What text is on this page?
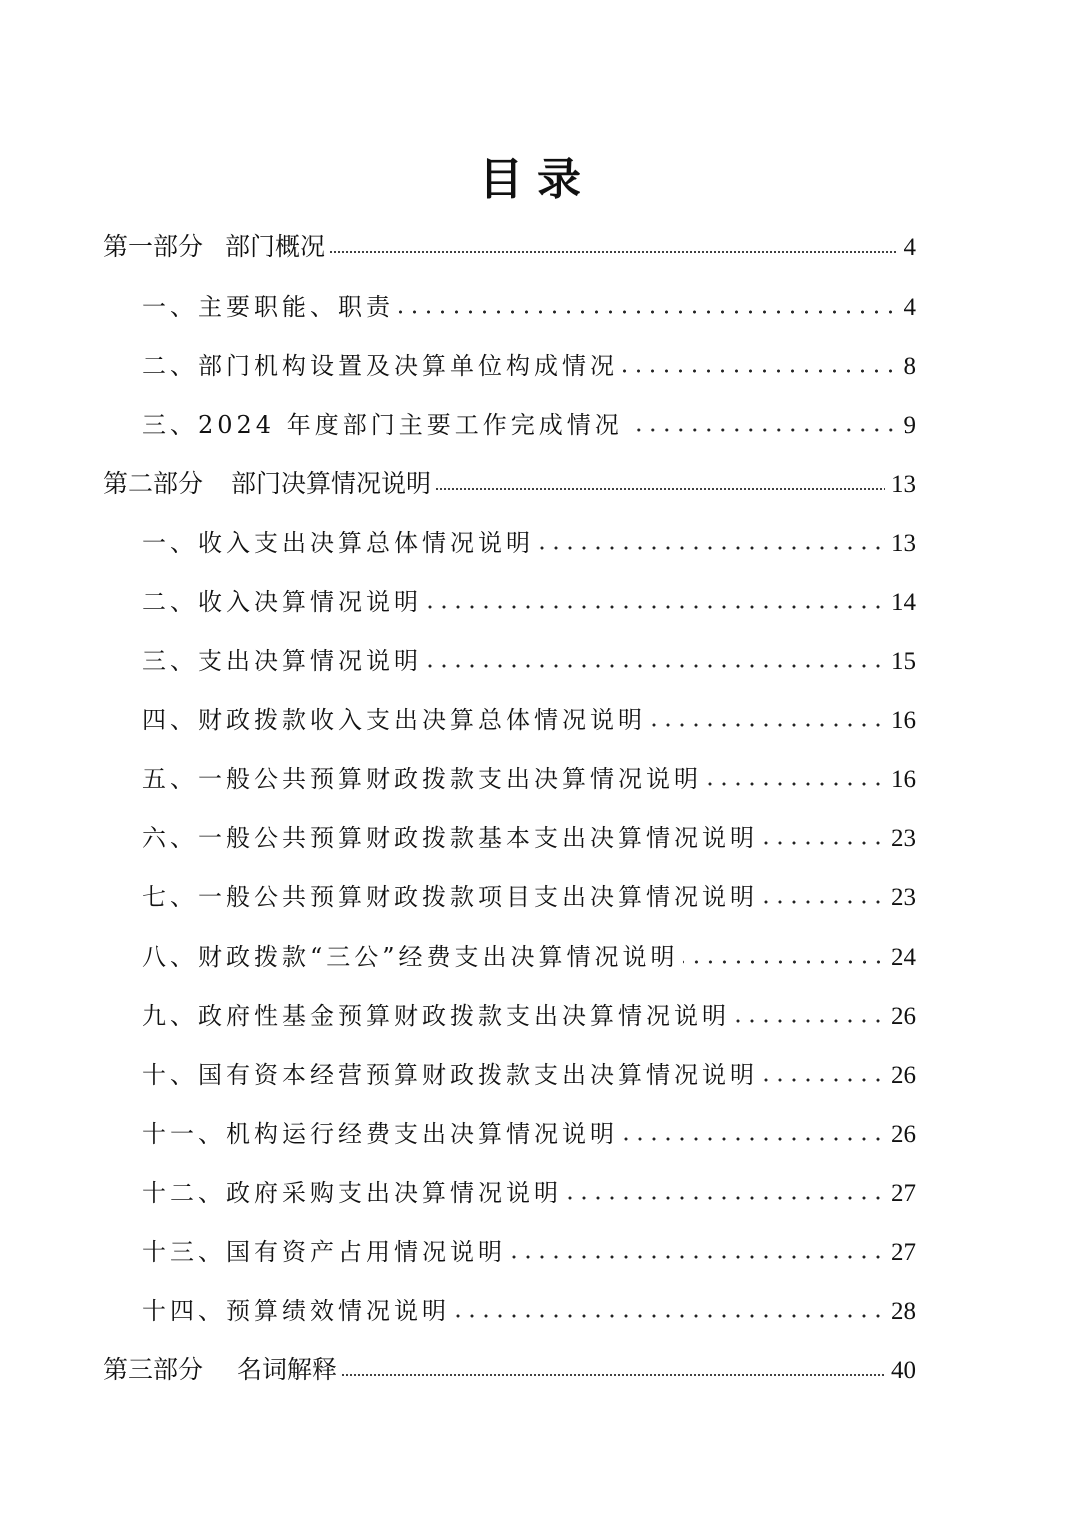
目录
第一部分 部门概况	4
一、主要职能、职责	4
二、部门机构设置及决算单位构成情况	8
三、2024 年度部门主要工作完成情况	9
第二部分 部门决算情况说明	13
一、收入支出决算总体情况说明	13
二、收入决算情况说明	14
三、支出决算情况说明	15
四、财政拨款收入支出决算总体情况说明	16
五、一般公共预算财政拨款支出决算情况说明	16
六、一般公共预算财政拨款基本支出决算情况说明	23
七、一般公共预算财政拨款项目支出决算情况说明	23
八、财政拨款“三公”经费支出决算情况说明	24
九、政府性基金预算财政拨款支出决算情况说明	26
十、国有资本经营预算财政拨款支出决算情况说明	26
十一、机构运行经费支出决算情况说明	26
十二、政府采购支出决算情况说明	27
十三、国有资产占用情况说明	27
十四、预算绩效情况说明	28
第三部分 名词解释	40
